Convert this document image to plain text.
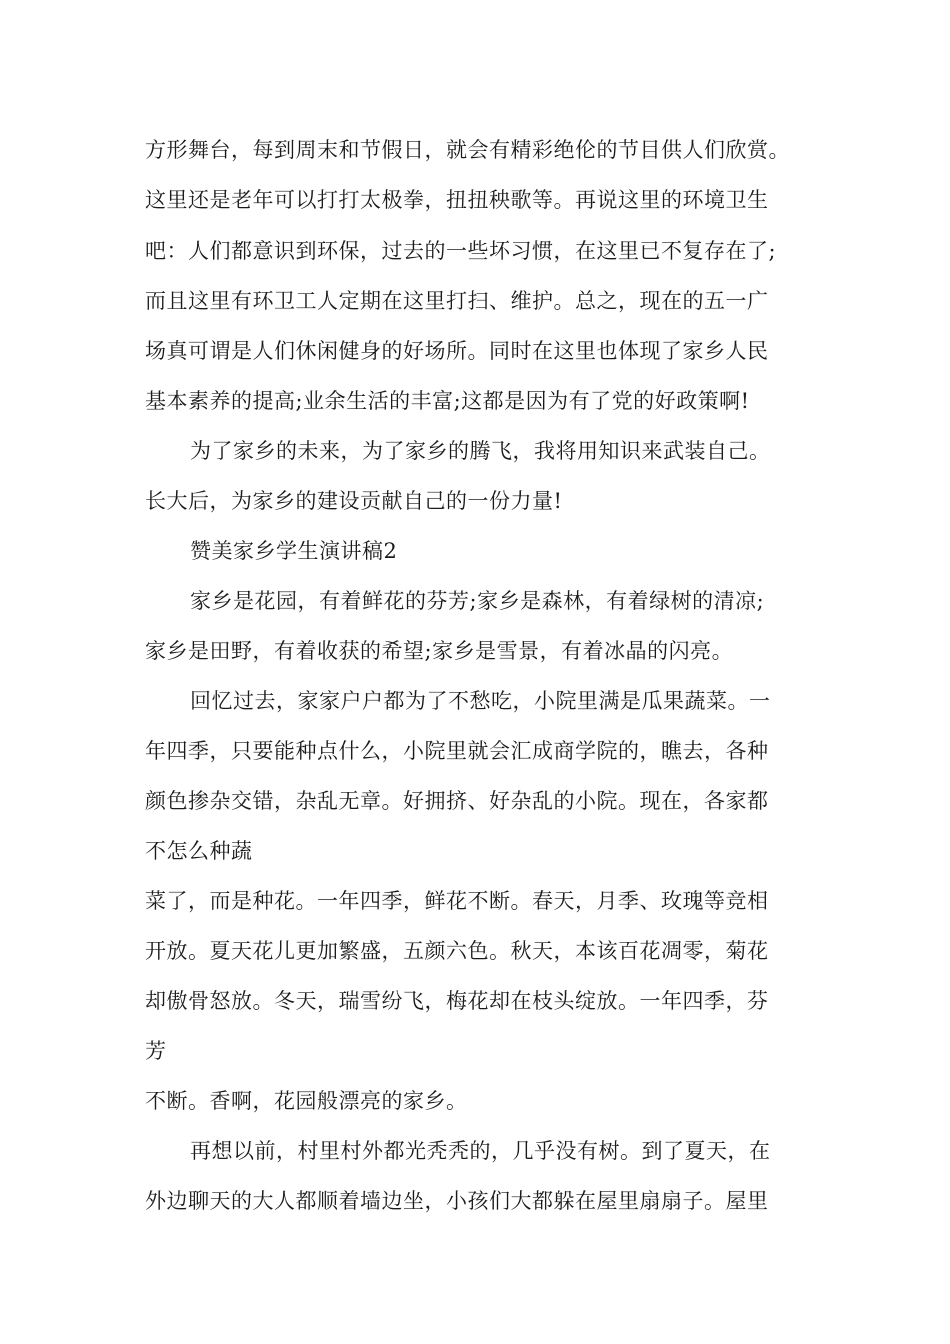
方形舞台，每到周末和节假日，就会有精彩绝伦的节目供人们欣赏。
这里还是老年可以打打太极拳，扭扭秧歌等。再说这里的环境卫生
吧：人们都意识到环保，过去的一些坏习惯，在这里已不复存在了;
而且这里有环卫工人定期在这里打扫、维护。总之，现在的五一广
场真可谓是人们休闲健身的好场所。同时在这里也体现了家乡人民
基本素养的提高;业余生活的丰富;这都是因为有了党的好政策啊!
为了家乡的未来，为了家乡的腾飞，我将用知识来武装自己。
长大后，为家乡的建设贡献自己的一份力量!
赞美家乡学生演讲稿2
家乡是花园，有着鲜花的芬芳;家乡是森林，有着绿树的清凉;
家乡是田野，有着收获的希望;家乡是雪景，有着冰晶的闪亮。
回忆过去，家家户户都为了不愁吃，小院里满是瓜果蔬菜。一
年四季，只要能种点什么，小院里就会汇成商学院的，瞧去，各种
颜色掺杂交错，杂乱无章。好拥挤、好杂乱的小院。现在，各家都
不怎么种蔬
菜了，而是种花。一年四季，鲜花不断。春天，月季、玫瑰等竞相
开放。夏天花儿更加繁盛，五颜六色。秋天，本该百花凋零，菊花
却傲骨怒放。冬天，瑞雪纷飞，梅花却在枝头绽放。一年四季，芬
芳
不断。香啊，花园般漂亮的家乡。
再想以前，村里村外都光秃秃的，几乎没有树。到了夏天，在
外边聊天的大人都顺着墙边坐，小孩们大都躲在屋里扇扇子。屋里
